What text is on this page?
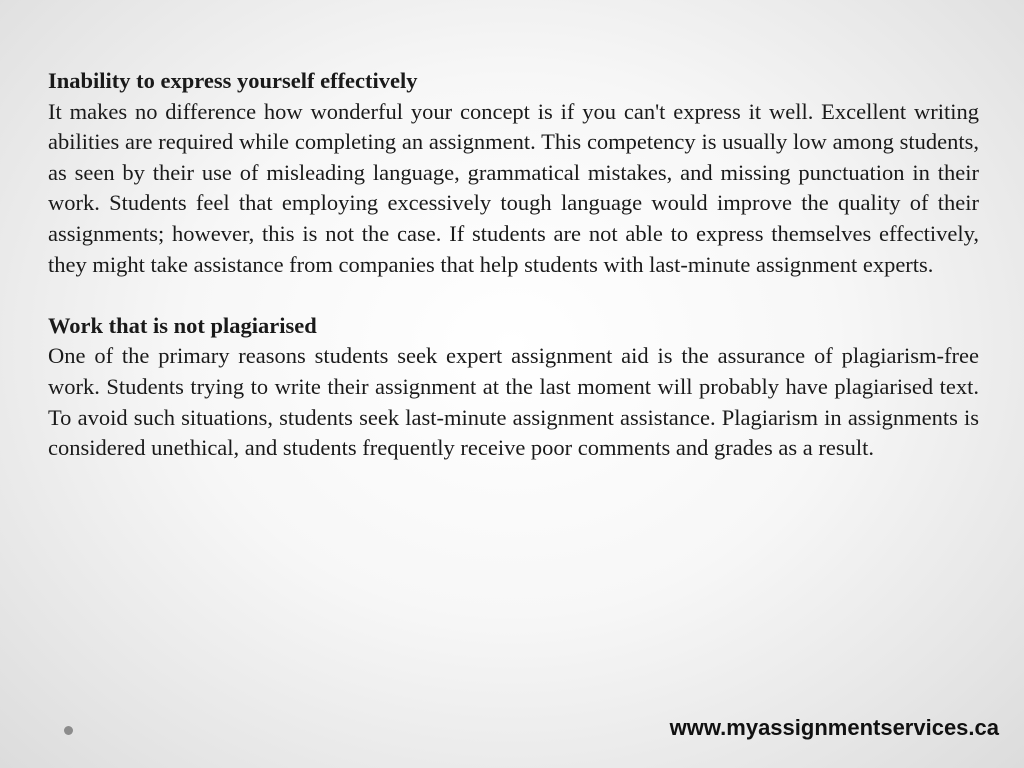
Inability to express yourself effectively
It makes no difference how wonderful your concept is if you can't express it well. Excellent writing abilities are required while completing an assignment. This competency is usually low among students, as seen by their use of misleading language, grammatical mistakes, and missing punctuation in their work. Students feel that employing excessively tough language would improve the quality of their assignments; however, this is not the case. If students are not able to express themselves effectively, they might take assistance from companies that help students with last-minute assignment experts.
Work that is not plagiarised
One of the primary reasons students seek expert assignment aid is the assurance of plagiarism-free work. Students trying to write their assignment at the last moment will probably have plagiarised text. To avoid such situations, students seek last-minute assignment assistance. Plagiarism in assignments is considered unethical, and students frequently receive poor comments and grades as a result.
www.myassignmentservices.ca
